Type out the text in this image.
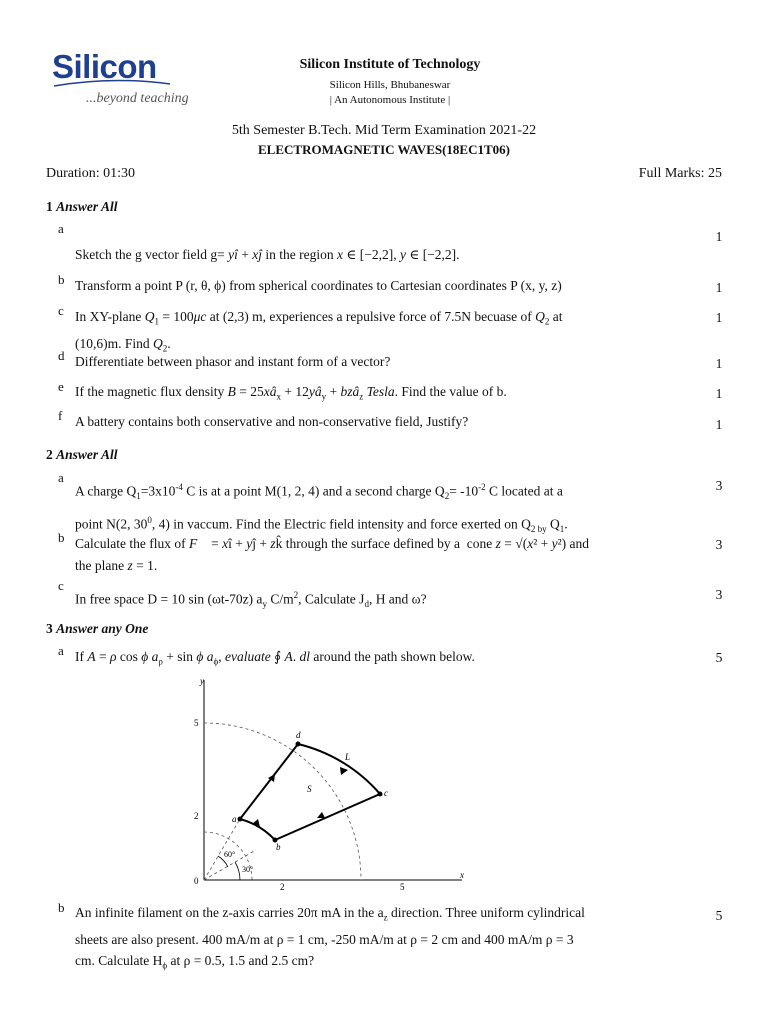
Silicon
...beyond teaching
Silicon Institute of Technology
Silicon Hills, Bhubaneswar
| An Autonomous Institute |
5th Semester B.Tech. Mid Term Examination 2021-22
ELECTROMAGNETIC WAVES(18EC1T06)
Duration: 01:30	Full Marks: 25
1 Answer All
a
Sketch the g vector field g= yî + xĵ in the region x ∈ [−2,2], y ∈ [−2,2].
1
b Transform a point P (r, θ, ϕ) from spherical coordinates to Cartesian coordinates P (x, y, z)	1
c In XY-plane $Q_1 = 100\mu c$ at (2,3) m, experiences a repulsive force of 7.5N becuase of $Q_2$ at
(10,6)m. Find $Q_2$.
1
d Differentiate between phasor and instant form of a vector?	1
e If the magnetic flux density $B = 25xâ_x$ + $12yâ_y$ + bzâ$_z$ Tesla. Find the value of b.	1
f A battery contains both conservative and non-conservative field, Justify?	1
2 Answer All
a
A charge $Q_1=3x10^{-4}$ C is at a point M(1, 2, 4) and a second charge $Q_2= -10^{-2}$ C located at a
point N(2, $30^0$, 4) in vaccum. Find the Electric field intensity and force exerted on $Q_{2 by}$ $Q_1$.
3
b Calculate the flux of F⃗ = xî + yĵ + zk̂ through the surface defined by a  cone z = √(x² + y²) and
the plane z = 1.
3
c
In free space D = 10 sin (ωt-70z) $a_y$ $C/m^2$, Calculate $J_d$, H and ω?	3
3 Answer any One
a If A = ρ cos ϕ $a_\rho + \sin \phi$ $a_\phi$, evaluate ∮ A. dl around the path shown below.	5
y
x
0
2
5
2	5
a
b
c
d
L
S
60°
30°
b An infinite filament on the z-axis carries 20π mA in the $a_z$ direction. Three uniform cylindrical
sheets are also present. 400 mA/m at ρ = 1 cm, -250 mA/m at ρ = 2 cm and 400 mA/m ρ = 3
cm. Calculate $H_\phi$ at ρ = 0.5, 1.5 and 2.5 cm?
5
